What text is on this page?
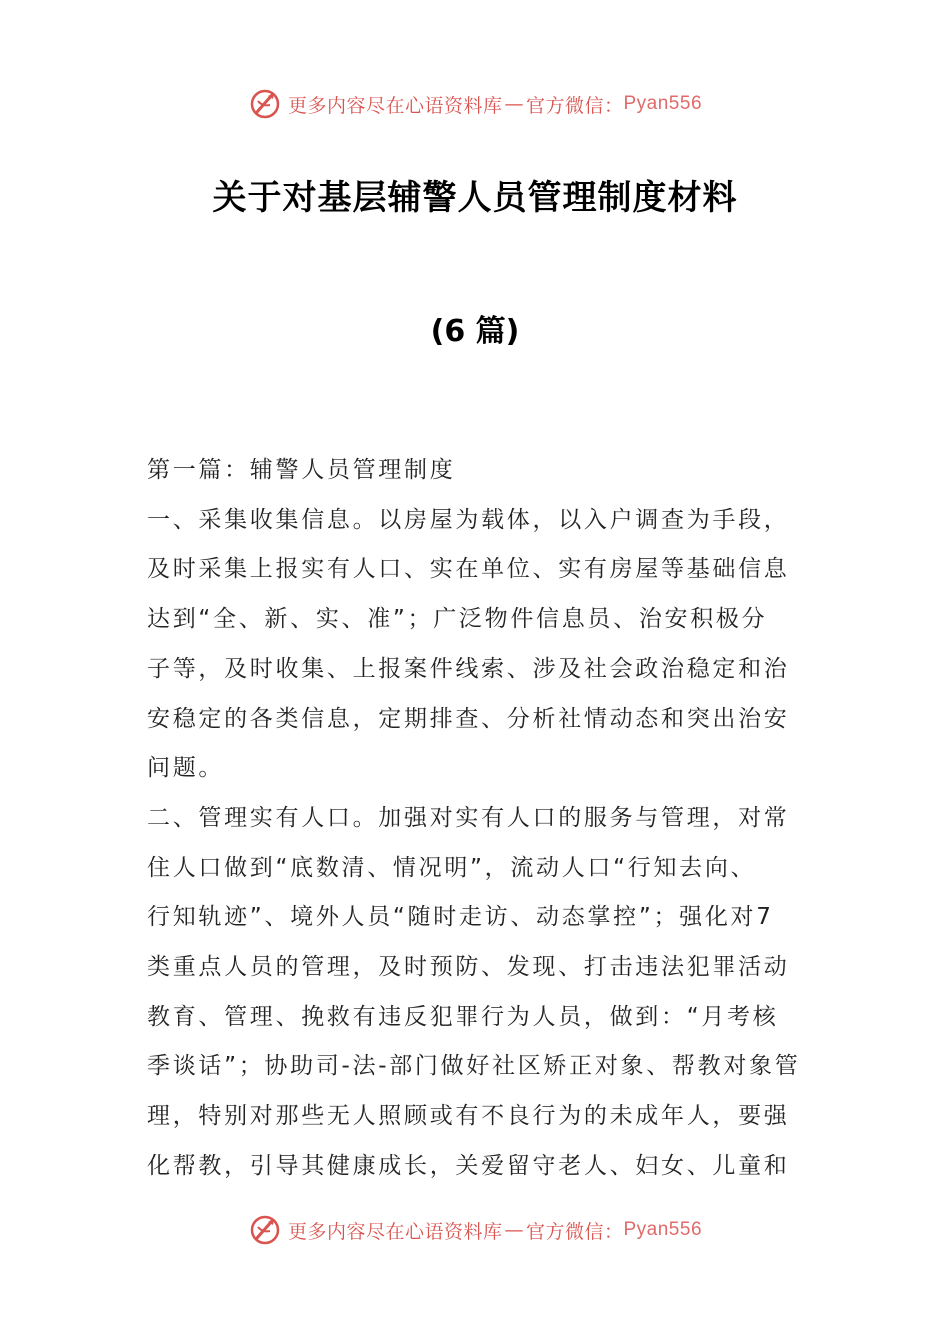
更多内容尽在心语资料库 — 官方微信： Pyan556
关于对基层辅警人员管理制度材料
(6 篇)
第一篇：辅警人员管理制度
一、采集收集信息。以房屋为载体，以入户调查为手段，
及时采集上报实有人口、实在单位、实有房屋等基础信息
达到“全、新、实、准”；广泛物件信息员、治安积极分
子等，及时收集、上报案件线索、涉及社会政治稳定和治
安稳定的各类信息，定期排查、分析社情动态和突出治安
问题。
二、管理实有人口。加强对实有人口的服务与管理，对常
住人口做到“底数清、情况明”，流动人口“行知去向、
行知轨迹”、境外人员“随时走访、动态掌控”；强化对7
类重点人员的管理，及时预防、发现、打击违法犯罪活动
教育、管理、挽救有违反犯罪行为人员，做到：“月考核
季谈话”；协助司-法-部门做好社区矫正对象、帮教对象管
理，特别对那些无人照顾或有不良行为的未成年人，要强
化帮教，引导其健康成长，关爱留守老人、妇女、儿童和
更多内容尽在心语资料库 — 官方微信： Pyan556
